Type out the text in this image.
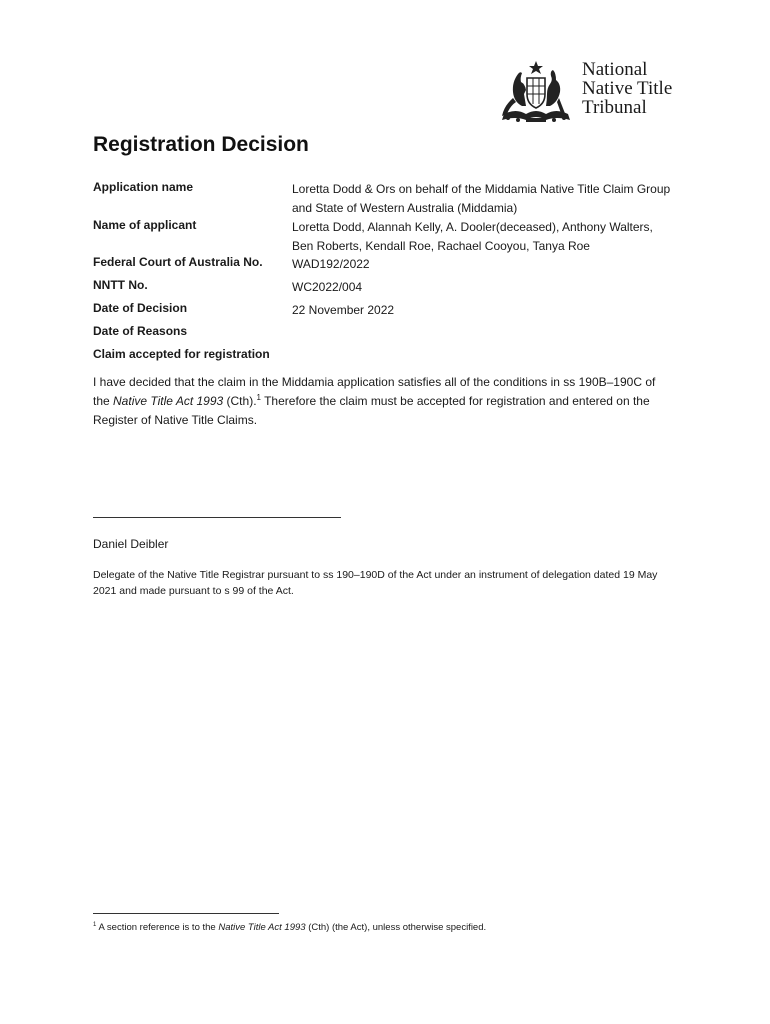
National
Native Title
Tribunal
Registration Decision
Application name	Loretta Dodd & Ors on behalf of the Middamia Native Title Claim Group and State of Western Australia (Middamia)
Name of applicant	Loretta Dodd, Alannah Kelly, A. Dooler(deceased), Anthony Walters, Ben Roberts, Kendall Roe, Rachael Cooyou, Tanya Roe
Federal Court of Australia No. WAD192/2022
NNTT No.	WC2022/004
Date of Decision	22 November 2022
Date of Reasons
Claim accepted for registration

I have decided that the claim in the Middamia application satisfies all of the conditions in ss 190B–190C of the Native Title Act 1993 (Cth).$^1$ Therefore the claim must be accepted for registration and entered on the Register of Native Title Claims.

Daniel Deibler

Delegate of the Native Title Registrar pursuant to ss 190–190D of the Act under an instrument of delegation dated 19 May 2021 and made pursuant to s 99 of the Act.

$^1$ A section reference is to the Native Title Act 1993 (Cth) (the Act), unless otherwise specified.
